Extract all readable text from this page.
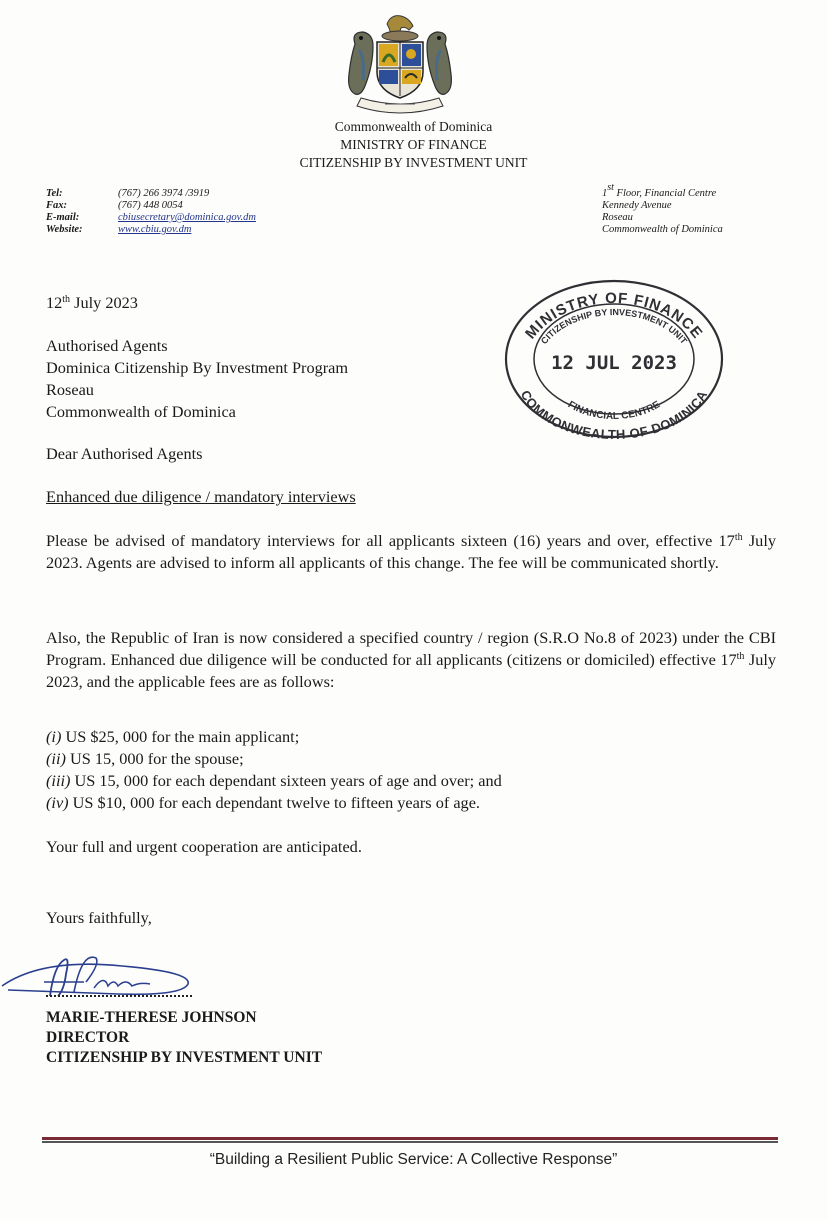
Commonwealth of Dominica
MINISTRY OF FINANCE
CITIZENSHIP BY INVESTMENT UNIT
Tel:	(767) 266 3974 /3919
Fax:	(767) 448 0054
E-mail:	cbiusecretary@dominica.gov.dm
Website:	www.cbiu.gov.dm
1st Floor, Financial Centre
Kennedy Avenue
Roseau
Commonwealth of Dominica
12th July 2023
Authorised Agents
Dominica Citizenship By Investment Program
Roseau
Commonwealth of Dominica
MINISTRY OF FINANCE
CITIZENSHIP BY INVESTMENT UNIT
12 JUL 2023
FINANCIAL CENTRE
COMMONWEALTH OF DOMINICA
Dear Authorised Agents
Enhanced due diligence / mandatory interviews
Please be advised of mandatory interviews for all applicants sixteen (16) years and over, effective 17th July 2023. Agents are advised to inform all applicants of this change. The fee will be communicated shortly.
Also, the Republic of Iran is now considered a specified country / region (S.R.O No.8 of 2023) under the CBI Program. Enhanced due diligence will be conducted for all applicants (citizens or domiciled) effective 17th July 2023, and the applicable fees are as follows:
(i) US $25, 000 for the main applicant;
(ii) US 15, 000 for the spouse;
(iii) US 15, 000 for each dependant sixteen years of age and over; and
(iv) US $10, 000 for each dependant twelve to fifteen years of age.
Your full and urgent cooperation are anticipated.
Yours faithfully,
MARIE-THERESE JOHNSON
DIRECTOR
CITIZENSHIP BY INVESTMENT UNIT
“Building a Resilient Public Service: A Collective Response”
